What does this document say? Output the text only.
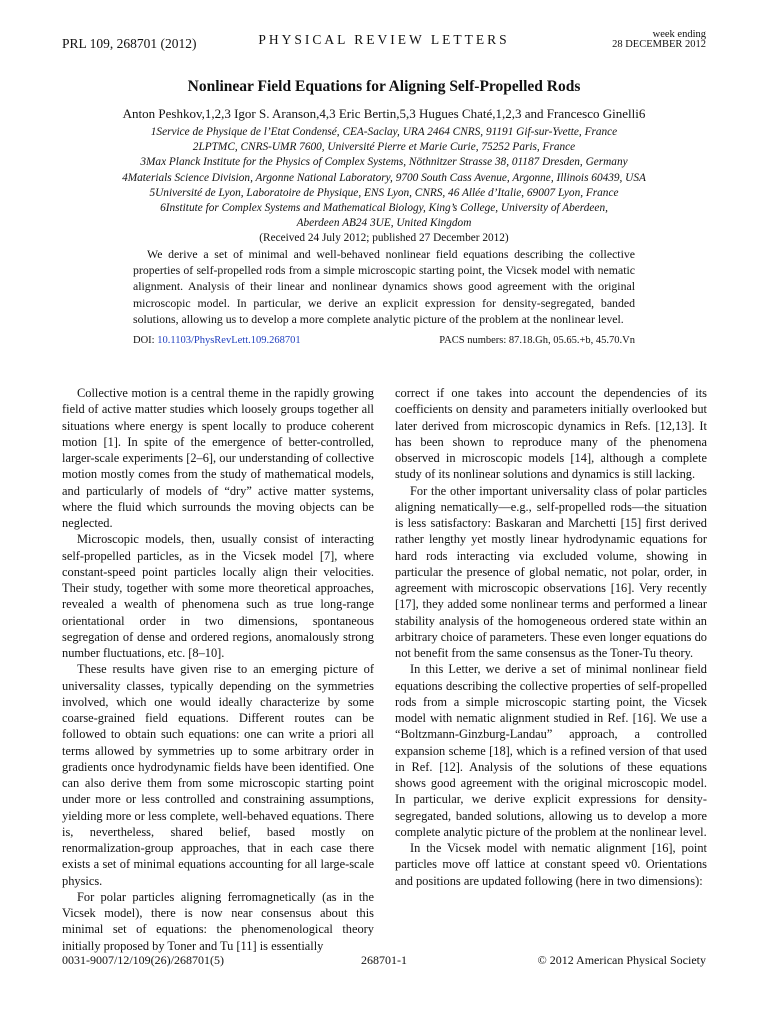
PRL 109, 268701 (2012)	PHYSICAL REVIEW LETTERS	week ending
28 DECEMBER 2012
Nonlinear Field Equations for Aligning Self-Propelled Rods
Anton Peshkov,1,2,3 Igor S. Aranson,4,3 Eric Bertin,5,3 Hugues Chaté,1,2,3 and Francesco Ginelli6
1Service de Physique de l’Etat Condensé, CEA-Saclay, URA 2464 CNRS, 91191 Gif-sur-Yvette, France
2LPTMC, CNRS-UMR 7600, Université Pierre et Marie Curie, 75252 Paris, France
3Max Planck Institute for the Physics of Complex Systems, Nöthnitzer Strasse 38, 01187 Dresden, Germany
4Materials Science Division, Argonne National Laboratory, 9700 South Cass Avenue, Argonne, Illinois 60439, USA
5Université de Lyon, Laboratoire de Physique, ENS Lyon, CNRS, 46 Allée d’Italie, 69007 Lyon, France
6Institute for Complex Systems and Mathematical Biology, King’s College, University of Aberdeen,
Aberdeen AB24 3UE, United Kingdom
(Received 24 July 2012; published 27 December 2012)
We derive a set of minimal and well-behaved nonlinear field equations describing the collective properties of self-propelled rods from a simple microscopic starting point, the Vicsek model with nematic alignment. Analysis of their linear and nonlinear dynamics shows good agreement with the original microscopic model. In particular, we derive an explicit expression for density-segregated, banded solutions, allowing us to develop a more complete analytic picture of the problem at the nonlinear level.
DOI: 10.1103/PhysRevLett.109.268701	PACS numbers: 87.18.Gh, 05.65.+b, 45.70.Vn

Collective motion is a central theme in the rapidly growing field of active matter studies which loosely groups together all situations where energy is spent locally to produce coherent motion [1]. In spite of the emergence of better-controlled, larger-scale experiments [2–6], our understanding of collective motion mostly comes from the study of mathematical models, and particularly of models of “dry” active matter systems, where the fluid which surrounds the moving objects can be neglected.

Microscopic models, then, usually consist of interacting self-propelled particles, as in the Vicsek model [7], where constant-speed point particles locally align their velocities. Their study, together with some more theoretical approaches, revealed a wealth of phenomena such as true long-range orientational order in two dimensions, spontaneous segregation of dense and ordered regions, anomalously strong number fluctuations, etc. [8–10].

These results have given rise to an emerging picture of universality classes, typically depending on the symmetries involved, which one would ideally characterize by some coarse-grained field equations. Different routes can be followed to obtain such equations: one can write a priori all terms allowed by symmetries up to some arbitrary order in gradients once hydrodynamic fields have been identified. One can also derive them from some microscopic starting point under more or less controlled and constraining assumptions, yielding more or less complete, well-behaved equations. There is, nevertheless, shared belief, based mostly on renormalization-group approaches, that in each case there exists a set of minimal equations accounting for all large-scale physics.

For polar particles aligning ferromagnetically (as in the Vicsek model), there is now near consensus about this minimal set of equations: the phenomenological theory initially proposed by Toner and Tu [11] is essentially

correct if one takes into account the dependencies of its coefficients on density and parameters initially overlooked but later derived from microscopic dynamics in Refs. [12,13]. It has been shown to reproduce many of the phenomena observed in microscopic models [14], although a complete study of its nonlinear solutions and dynamics is still lacking.

For the other important universality class of polar particles aligning nematically—e.g., self-propelled rods—the situation is less satisfactory: Baskaran and Marchetti [15] first derived rather lengthy yet mostly linear hydrodynamic equations for hard rods interacting via excluded volume, showing in particular the presence of global nematic, not polar, order, in agreement with microscopic observations [16]. Very recently [17], they added some nonlinear terms and performed a linear stability analysis of the homogeneous ordered state within an arbitrary choice of parameters. These even longer equations do not benefit from the same consensus as the Toner-Tu theory.

In this Letter, we derive a set of minimal nonlinear field equations describing the collective properties of self-propelled rods from a simple microscopic starting point, the Vicsek model with nematic alignment studied in Ref. [16]. We use a “Boltzmann-Ginzburg-Landau” approach, a controlled expansion scheme [18], which is a refined version of that used in Ref. [12]. Analysis of the solutions of these equations shows good agreement with the original microscopic model. In particular, we derive explicit expressions for density-segregated, banded solutions, allowing us to develop a more complete analytic picture of the problem at the nonlinear level.

In the Vicsek model with nematic alignment [16], point particles move off lattice at constant speed v0. Orientations and positions are updated following (here in two dimensions):

0031-9007/12/109(26)/268701(5)	268701-1	© 2012 American Physical Society
